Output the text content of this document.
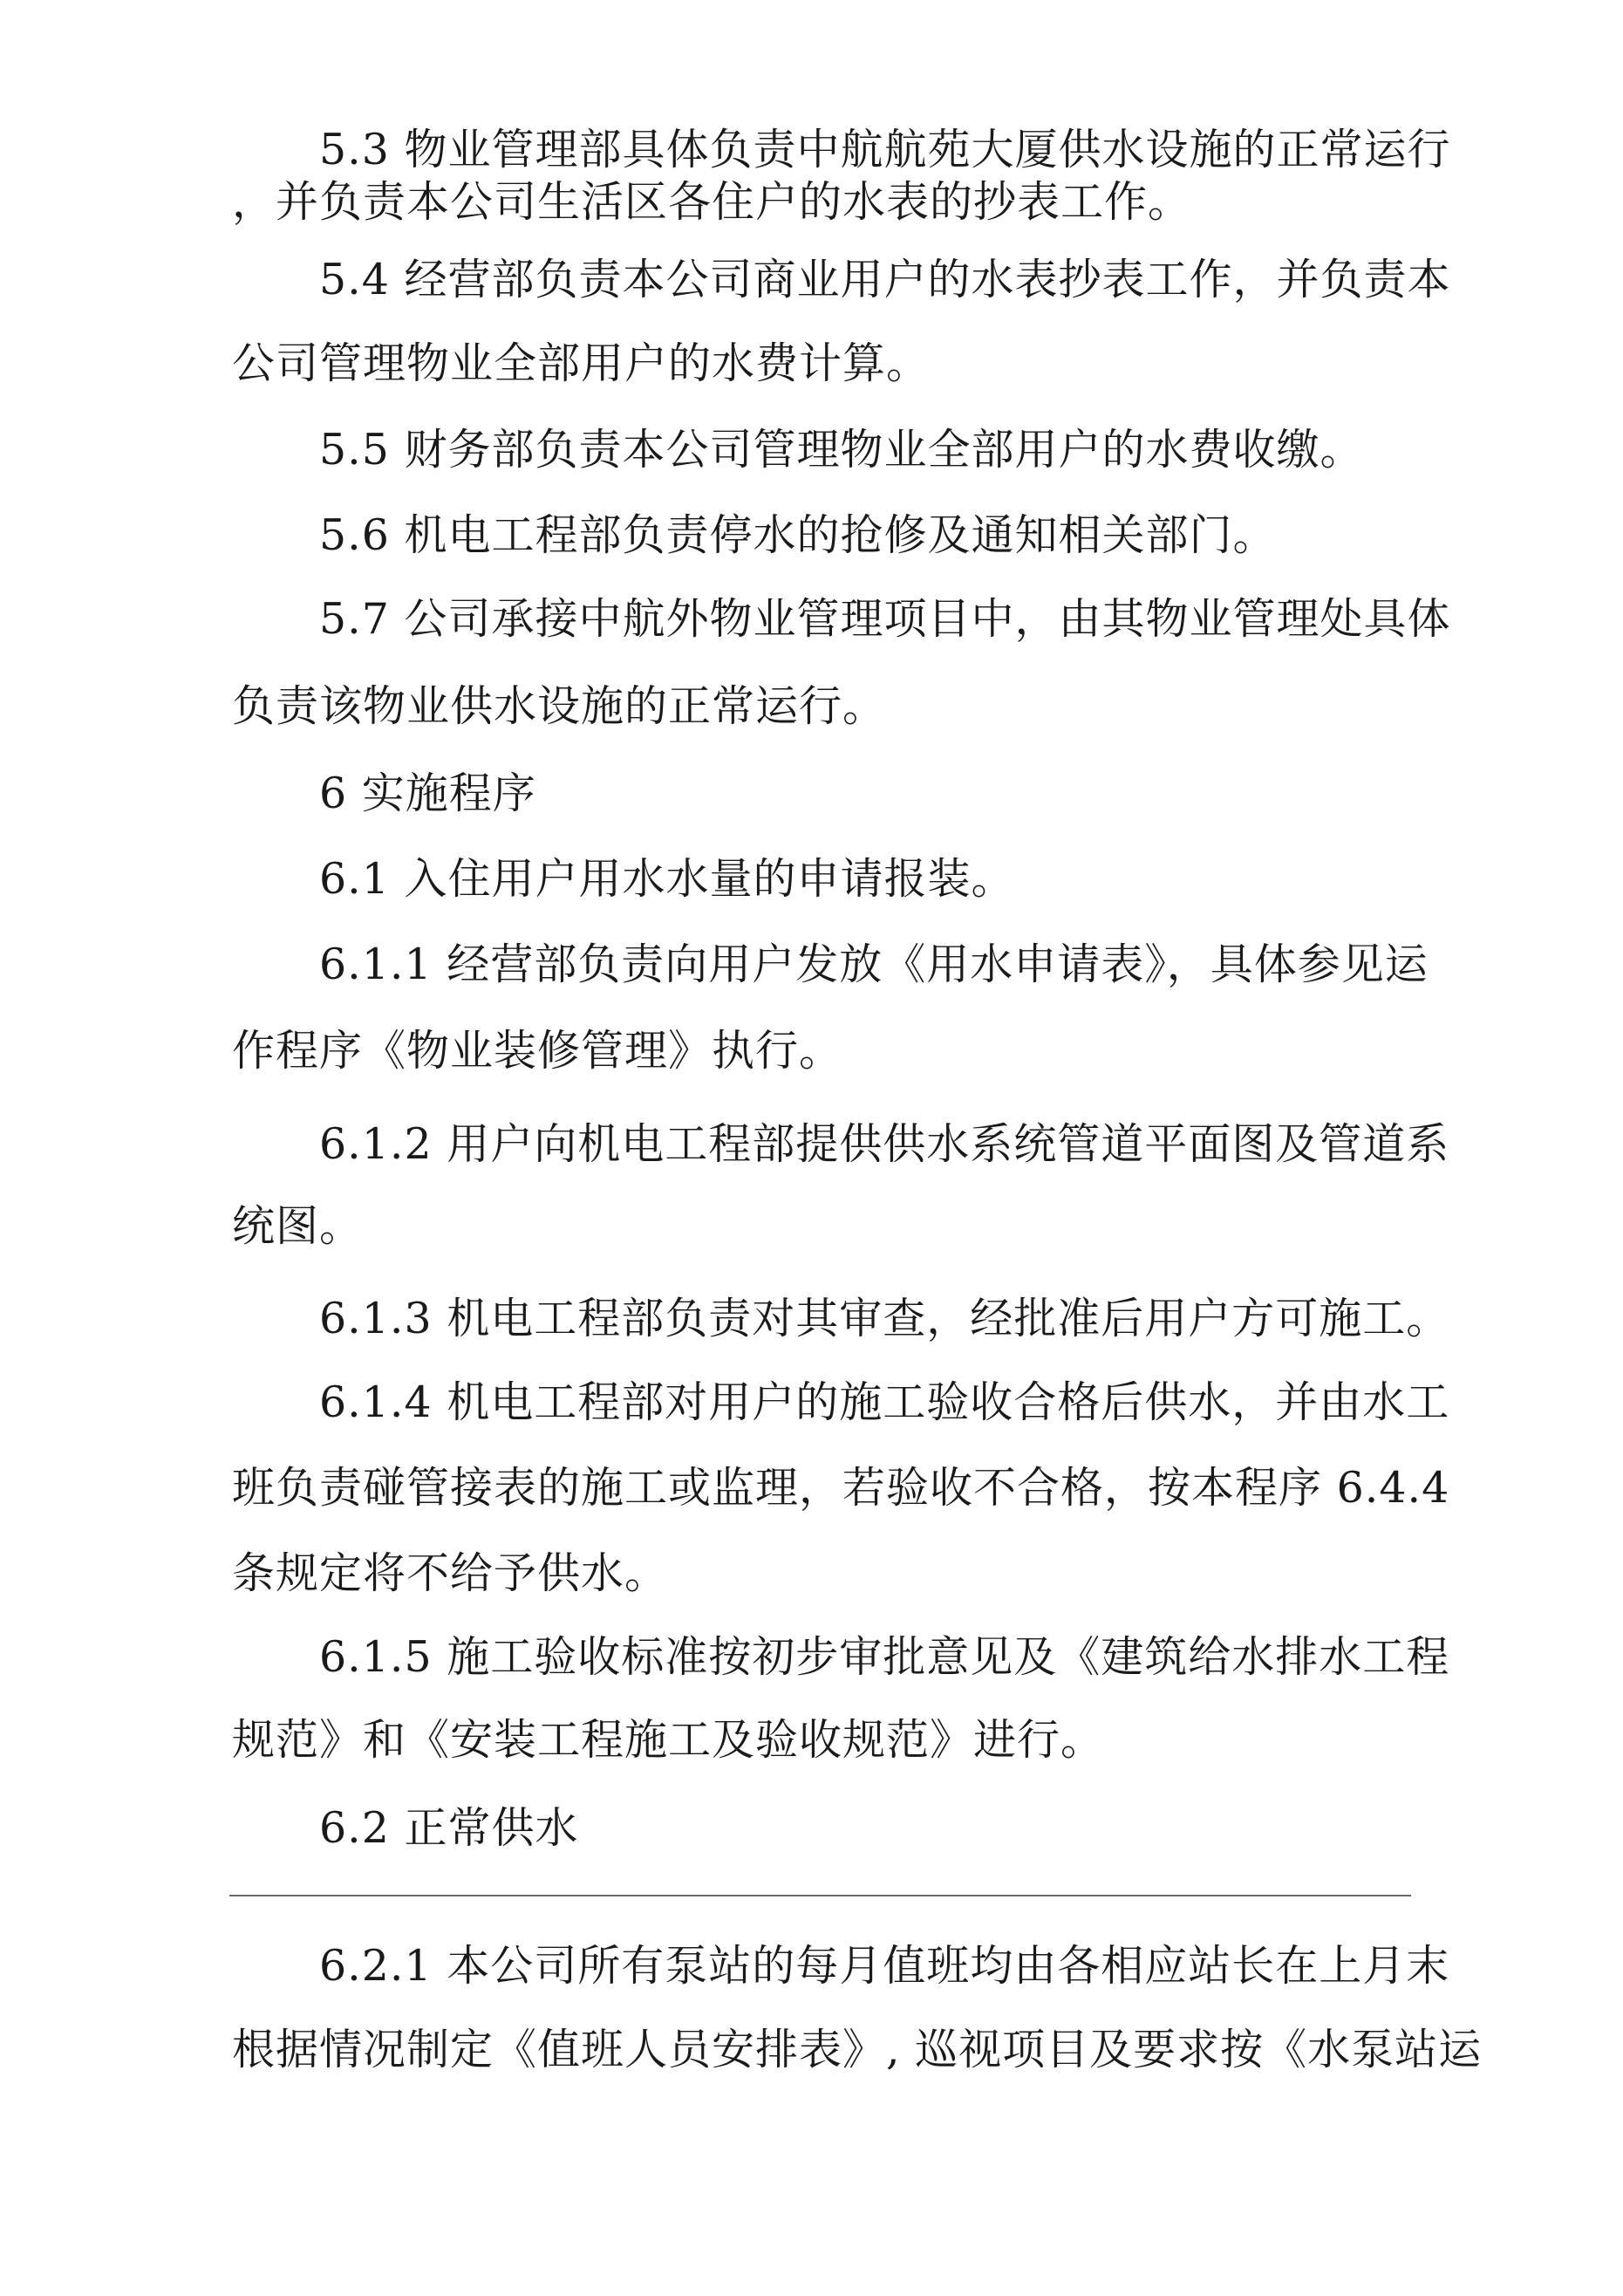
5.3 物业管理部具体负责中航航苑大厦供水设施的正常运行
，并负责本公司生活区各住户的水表的抄表工作。
5.4 经营部负责本公司商业用户的水表抄表工作，并负责本
公司管理物业全部用户的水费计算。
5.5 财务部负责本公司管理物业全部用户的水费收缴。
5.6 机电工程部负责停水的抢修及通知相关部门。
5.7 公司承接中航外物业管理项目中，由其物业管理处具体
负责该物业供水设施的正常运行。
6 实施程序
6.1 入住用户用水水量的申请报装。
6.1.1 经营部负责向用户发放《用水申请表》，具体参见运
作程序《物业装修管理》执行。
6.1.2 用户向机电工程部提供供水系统管道平面图及管道系
统图。
6.1.3 机电工程部负责对其审查，经批准后用户方可施工。
6.1.4 机电工程部对用户的施工验收合格后供水，并由水工
班负责碰管接表的施工或监理，若验收不合格，按本程序 6.4.4
条规定将不给予供水。
6.1.5 施工验收标准按初步审批意见及《建筑给水排水工程
规范》和《安装工程施工及验收规范》进行。
6.2 正常供水
6.2.1 本公司所有泵站的每月值班均由各相应站长在上月末
根据情况制定《值班人员安排表》, 巡视项目及要求按《水泵站运
